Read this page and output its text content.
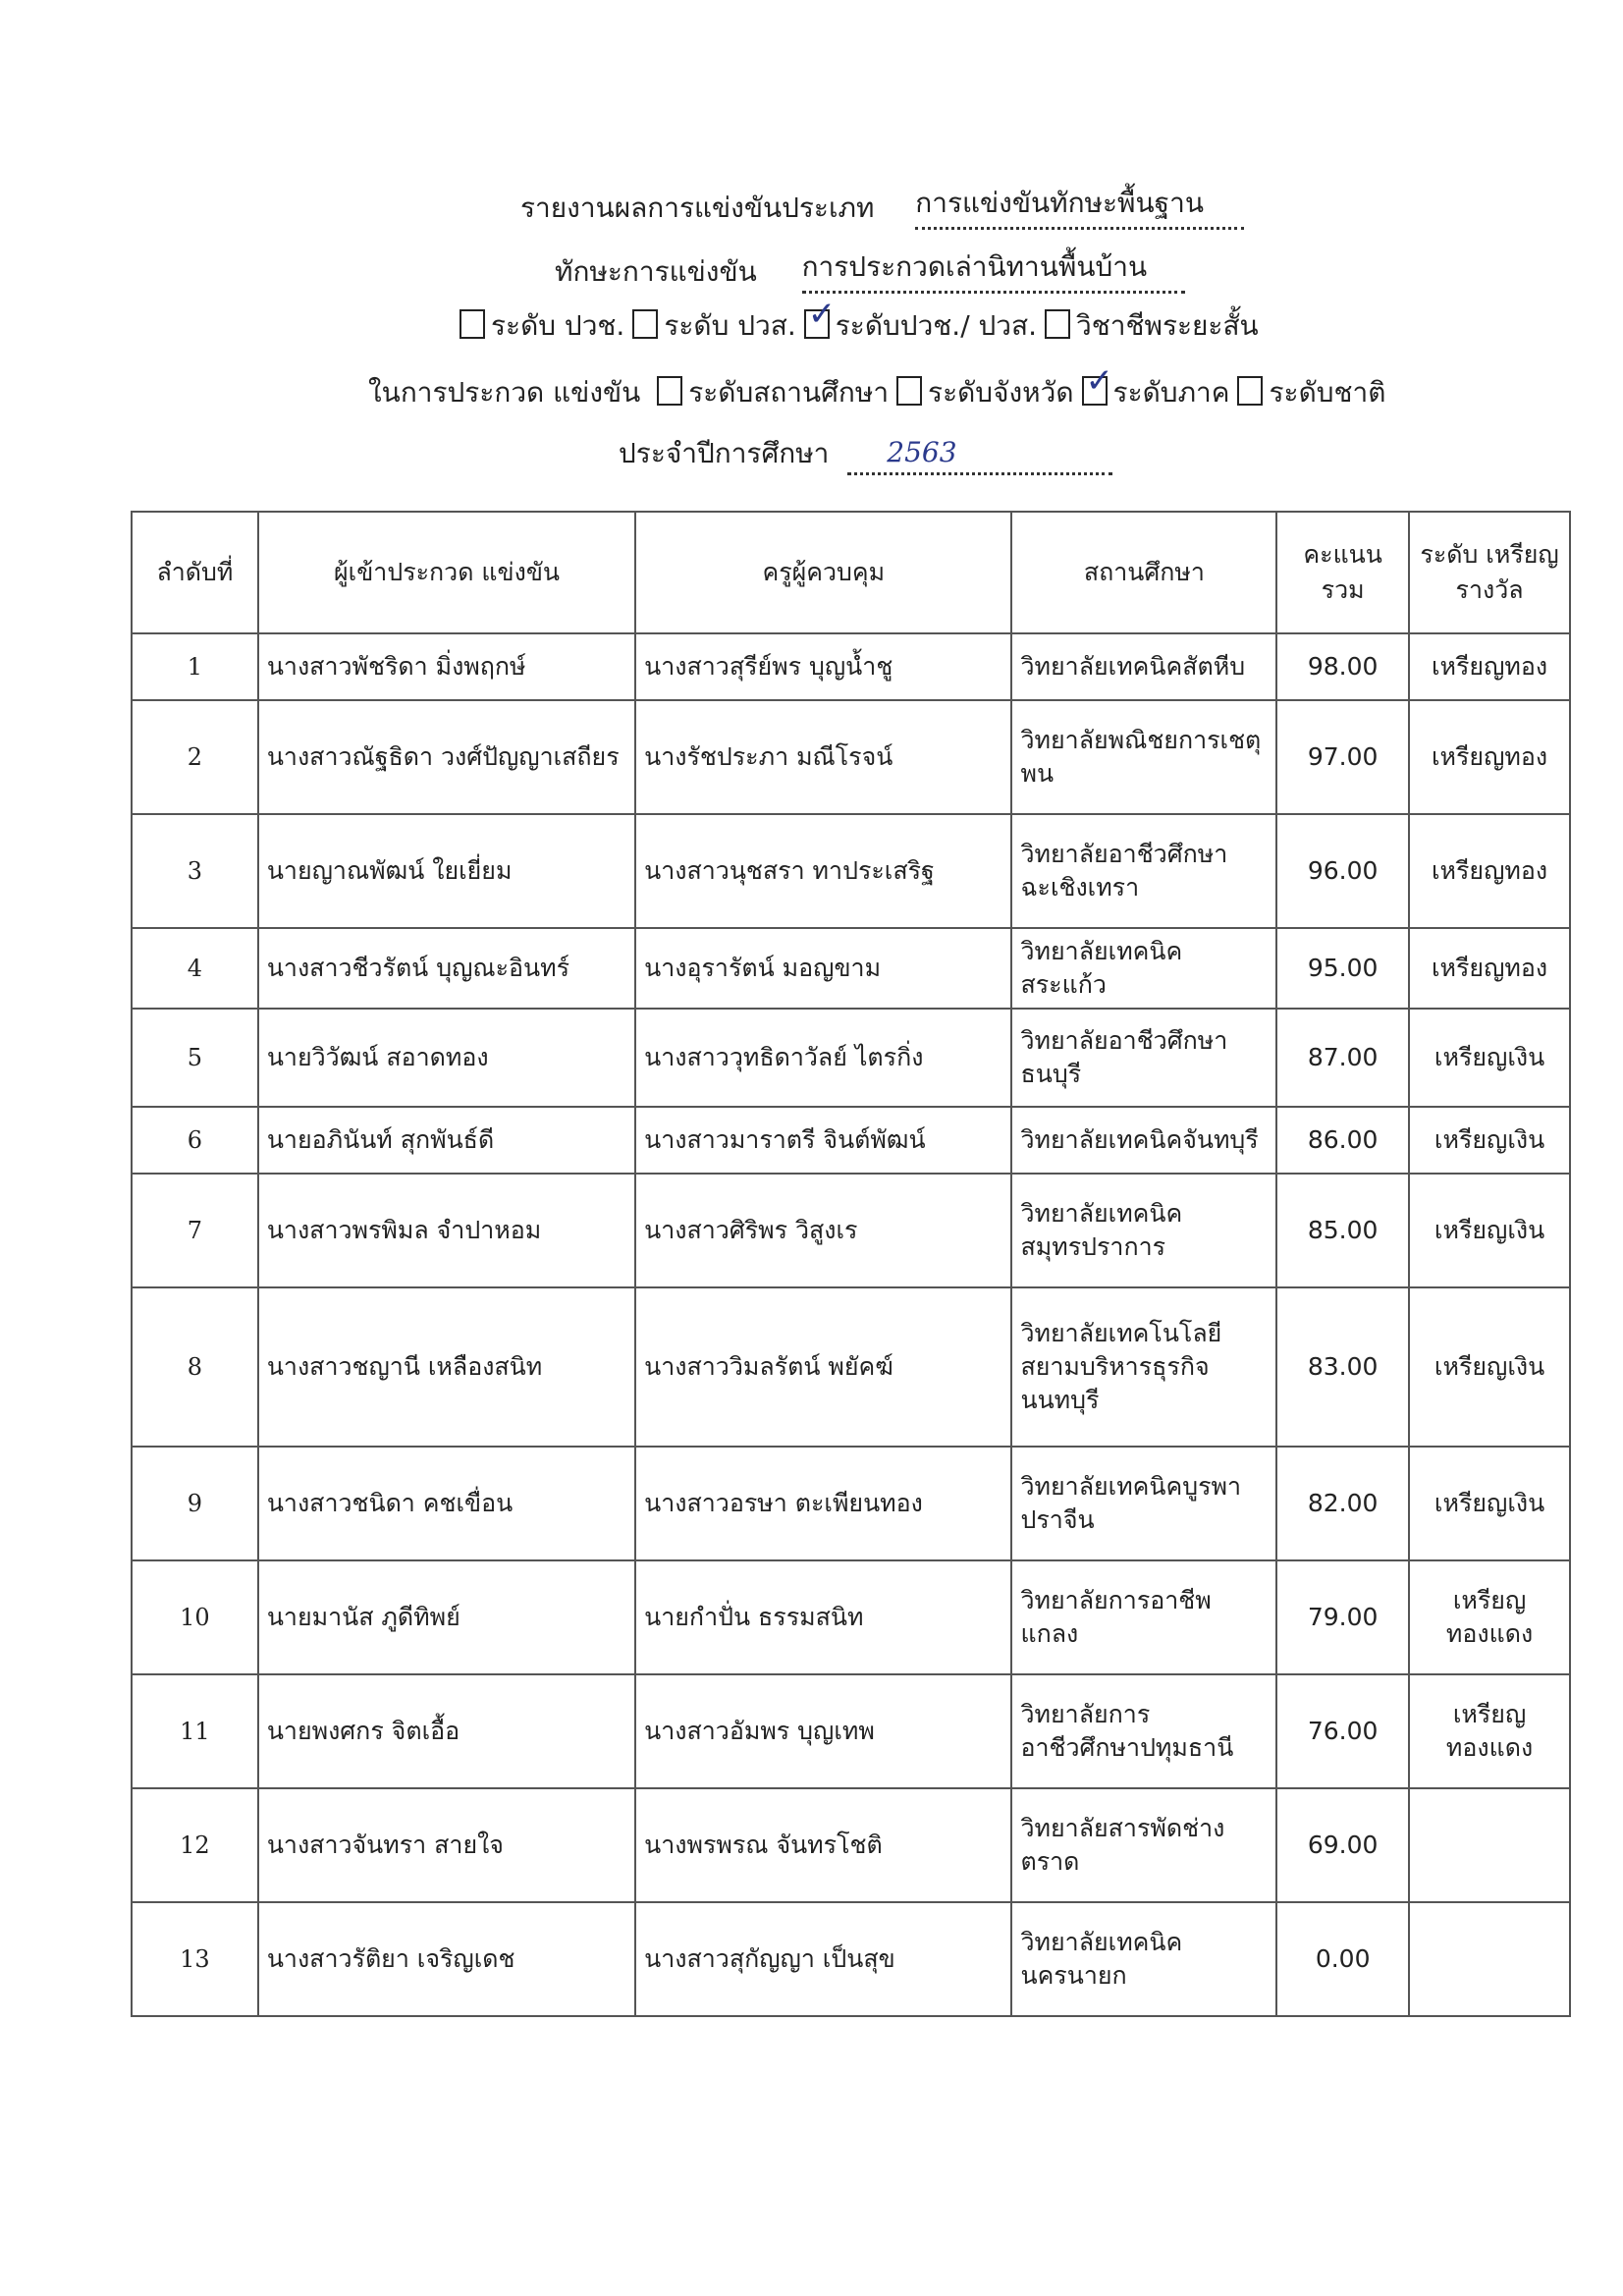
รายงานผลการแข่งขันประเภท การแข่งขันทักษะพื้นฐาน
ทักษะการแข่งขัน การประกวดเล่านิทานพื้นบ้าน
ระดับ ปวช. ระดับ ปวส. ✓ ระดับปวช./ ปวส. วิชาชีพระยะสั้น
ในการประกวด แข่งขัน ระดับสถานศึกษา ระดับจังหวัด ✓ ระดับภาค ระดับชาติ
ประจำปีการศึกษา 2563
ลำดับที่	ผู้เข้าประกวด แข่งขัน	ครูผู้ควบคุม	สถานศึกษา	คะแนน รวม	ระดับ เหรียญรางวัล
1	นางสาวพัชริดา มิ่งพฤกษ์	นางสาวสุรีย์พร บุญน้ำชู	วิทยาลัยเทคนิคสัตหีบ	98.00	เหรียญทอง
2	นางสาวณัฐธิดา วงศ์ปัญญาเสถียร	นางรัชประภา มณีโรจน์	วิทยาลัยพณิชยการเชตุพน	97.00	เหรียญทอง
3	นายญาณพัฒน์ ใยเยี่ยม	นางสาวนุชสรา ทาประเสริฐ	วิทยาลัยอาชีวศึกษาฉะเชิงเทรา	96.00	เหรียญทอง
4	นางสาวชีวรัตน์ บุญณะอินทร์	นางอุรารัตน์ มอญขาม	วิทยาลัยเทคนิคสระแก้ว	95.00	เหรียญทอง
5	นายวิวัฒน์ สอาดทอง	นางสาววุทธิดาวัลย์ ไตรกิ่ง	วิทยาลัยอาชีวศึกษาธนบุรี	87.00	เหรียญเงิน
6	นายอภินันท์ สุกพันธ์ดี	นางสาวมาราตรี จินต์พัฒน์	วิทยาลัยเทคนิคจันทบุรี	86.00	เหรียญเงิน
7	นางสาวพรพิมล จำปาหอม	นางสาวศิริพร วิสูงเร	วิทยาลัยเทคนิคสมุทรปราการ	85.00	เหรียญเงิน
8	นางสาวชญานี เหลืองสนิท	นางสาววิมลรัตน์ พยัคฆ์	วิทยาลัยเทคโนโลยีสยามบริหารธุรกิจนนทบุรี	83.00	เหรียญเงิน
9	นางสาวชนิดา คชเขื่อน	นางสาวอรษา ตะเพียนทอง	วิทยาลัยเทคนิคบูรพาปราจีน	82.00	เหรียญเงิน
10	นายมานัส ภูดีทิพย์	นายกำปั่น ธรรมสนิท	วิทยาลัยการอาชีพแกลง	79.00	เหรียญทองแดง
11	นายพงศกร จิตเอื้อ	นางสาวอัมพร บุญเทพ	วิทยาลัยการอาชีวศึกษาปทุมธานี	76.00	เหรียญทองแดง
12	นางสาวจันทรา สายใจ	นางพรพรณ จันทรโชติ	วิทยาลัยสารพัดช่างตราด	69.00	
13	นางสาวรัติยา เจริญเดช	นางสาวสุกัญญา เป็นสุข	วิทยาลัยเทคนิคนครนายก	0.00	
